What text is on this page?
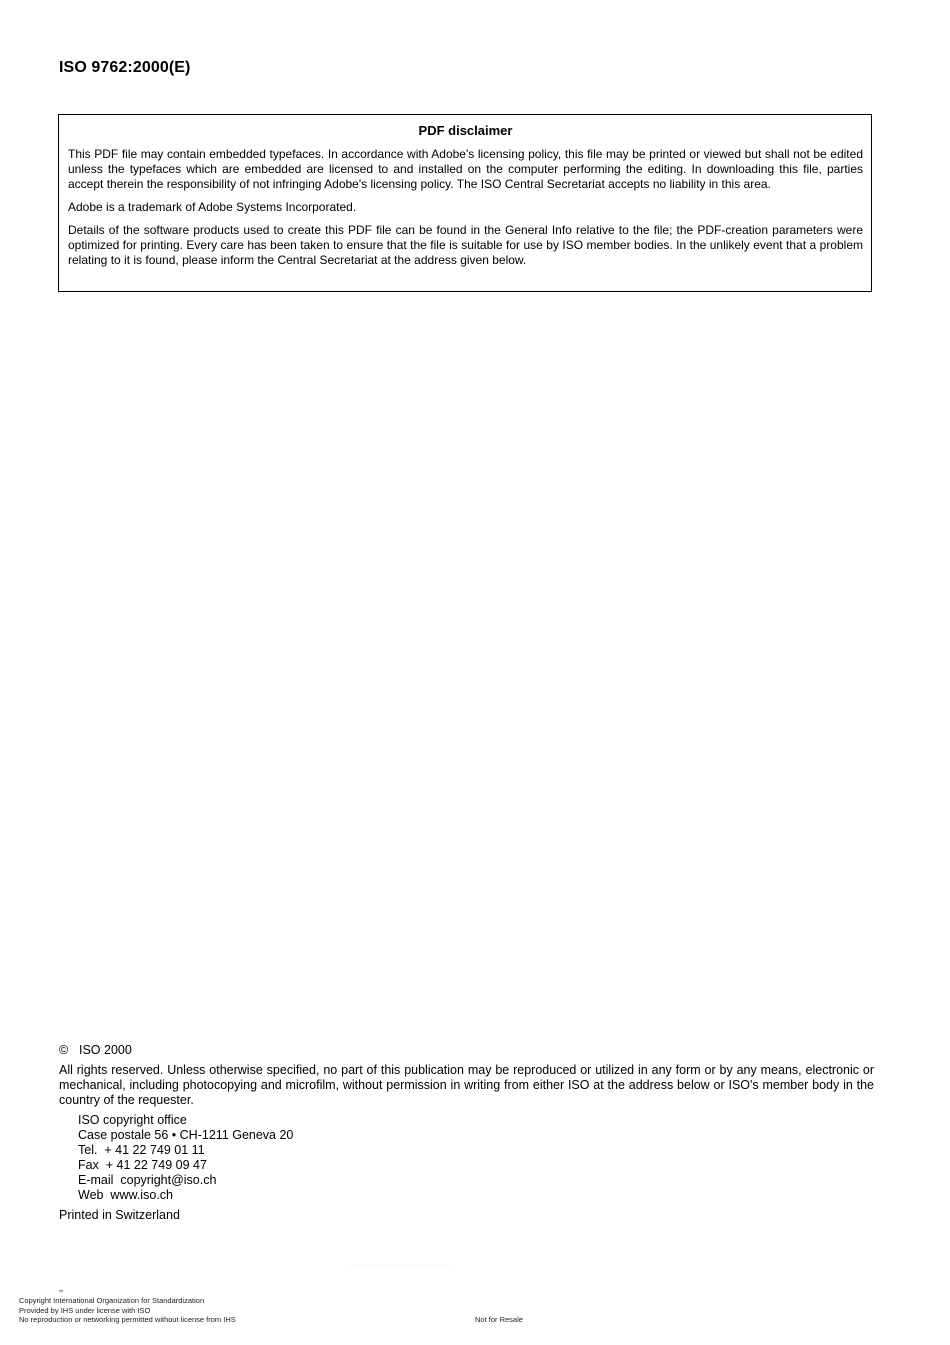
ISO 9762:2000(E)
PDF disclaimer

This PDF file may contain embedded typefaces. In accordance with Adobe's licensing policy, this file may be printed or viewed but shall not be edited unless the typefaces which are embedded are licensed to and installed on the computer performing the editing. In downloading this file, parties accept therein the responsibility of not infringing Adobe's licensing policy. The ISO Central Secretariat accepts no liability in this area.

Adobe is a trademark of Adobe Systems Incorporated.

Details of the software products used to create this PDF file can be found in the General Info relative to the file; the PDF-creation parameters were optimized for printing. Every care has been taken to ensure that the file is suitable for use by ISO member bodies. In the unlikely event that a problem relating to it is found, please inform the Central Secretariat at the address given below.

© ISO 2000
All rights reserved. Unless otherwise specified, no part of this publication may be reproduced or utilized in any form or by any means, electronic or mechanical, including photocopying and microfilm, without permission in writing from either ISO at the address below or ISO's member body in the country of the requester.
ISO copyright office
Case postale 56 • CH-1211 Geneva 20
Tel.  + 41 22 749 01 11
Fax  + 41 22 749 09 47
E-mail  copyright@iso.ch
Web  www.iso.ch
Printed in Switzerland
· · · · · · · · · · · · · · · · · · · · · · · · ·
,,
Copyright International Organization for Standardization
Provided by IHS under license with ISO
No reproduction or networking permitted without license from IHS	Not for Resale
